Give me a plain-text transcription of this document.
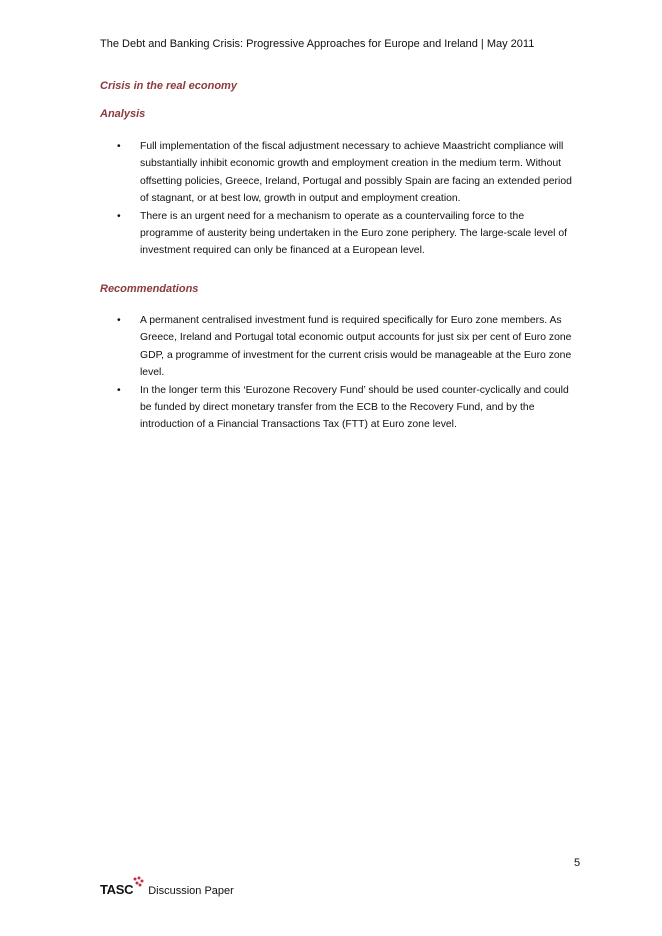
The Debt and Banking Crisis: Progressive Approaches for Europe and Ireland | May 2011
Crisis in the real economy
Analysis
• Full implementation of the fiscal adjustment necessary to achieve Maastricht compliance will substantially inhibit economic growth and employment creation in the medium term. Without offsetting policies, Greece, Ireland, Portugal and possibly Spain are facing an extended period of stagnant, or at best low, growth in output and employment creation.
• There is an urgent need for a mechanism to operate as a countervailing force to the programme of austerity being undertaken in the Euro zone periphery. The large-scale level of investment required can only be financed at a European level.
Recommendations
• A permanent centralised investment fund is required specifically for Euro zone members. As Greece, Ireland and Portugal total economic output accounts for just six per cent of Euro zone GDP, a programme of investment for the current crisis would be manageable at the Euro zone level.
• In the longer term this ‘Eurozone Recovery Fund’ should be used counter-cyclically and could be funded by direct monetary transfer from the ECB to the Recovery Fund, and by the introduction of a Financial Transactions Tax (FTT) at Euro zone level.
5
TASC Discussion Paper
